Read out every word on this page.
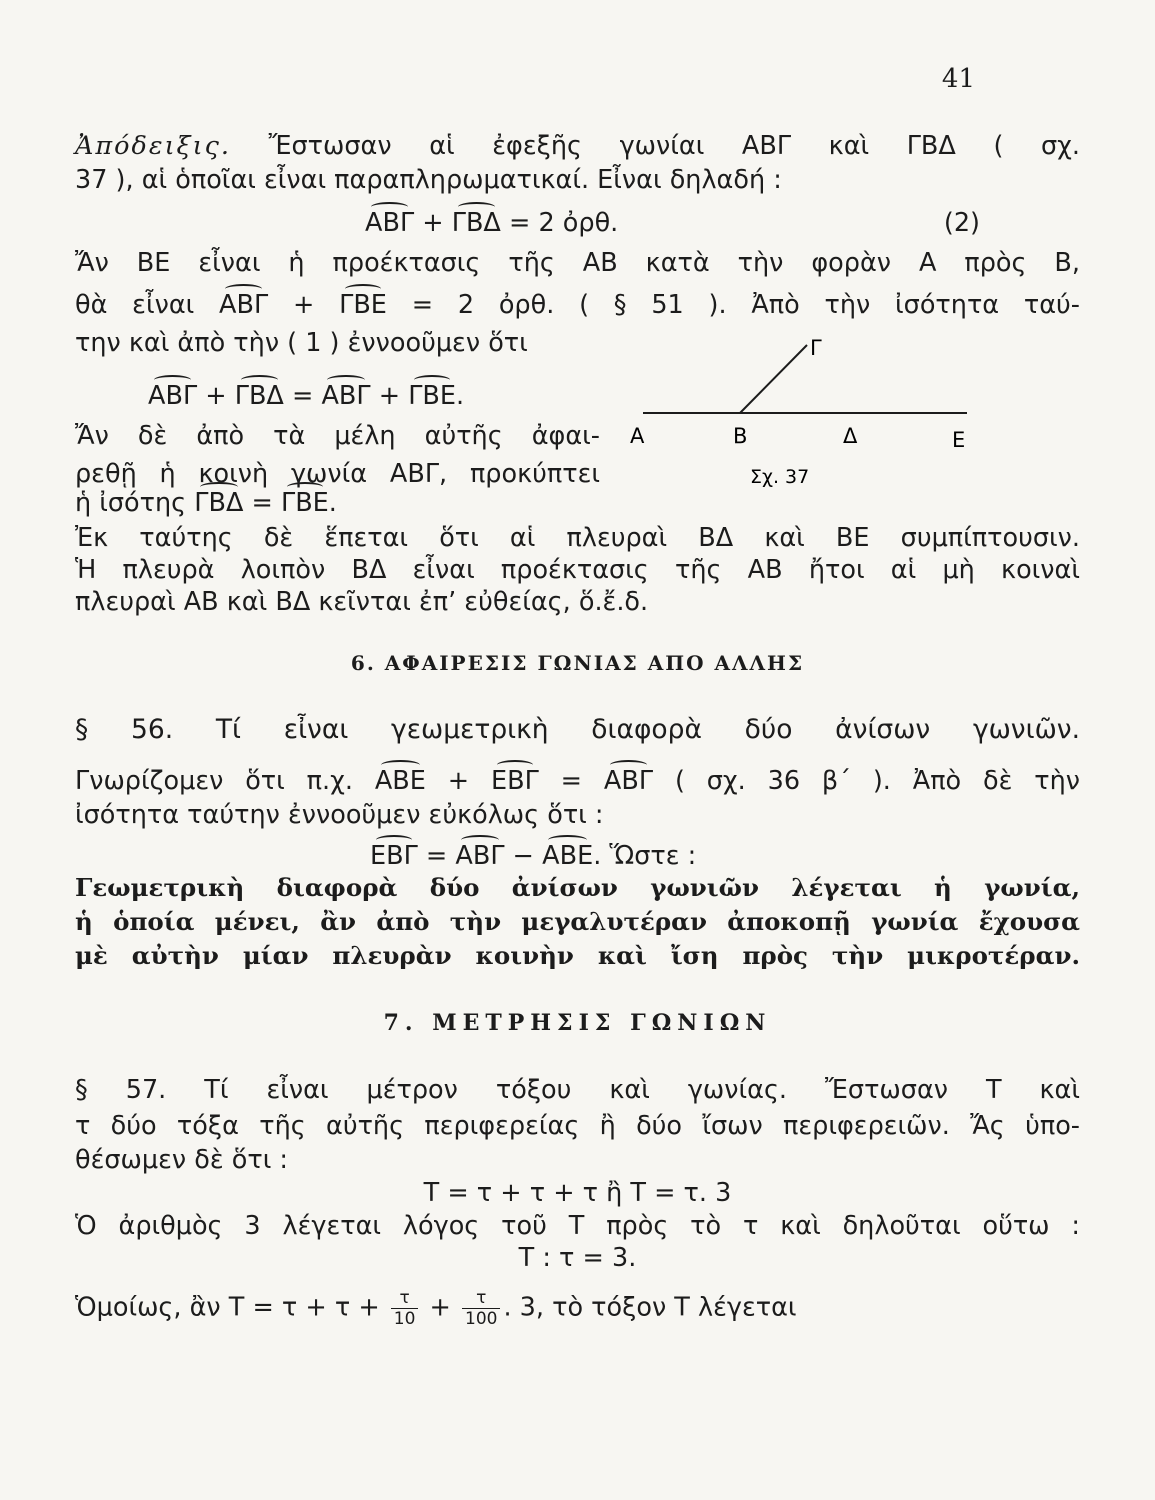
41
Ἀπόδειξις. Ἔστωσαν αἱ ἐφεξῆς γωνίαι ΑΒΓ καὶ ΓΒΔ ( σχ.
37 ), αἱ ὁποῖαι εἶναι παραπληρωματικαί. Εἶναι δηλαδή :
ΑΒΓ + ΓΒΔ = 2 ὀρθ.	(2)
Ἄν ΒΕ εἶναι ἡ προέκτασις τῆς ΑΒ κατὰ τὴν φορὰν Α πρὸς Β,
θὰ εἶναι ΑΒΓ + ΓΒΕ = 2 ὀρθ. ( § 51 ). Ἀπὸ τὴν ἰσότητα ταύ-
την καὶ ἀπὸ τὴν ( 1 ) ἐννοοῦμεν ὅτι
ΑΒΓ + ΓΒΔ = ΑΒΓ + ΓΒΕ.
Ἄν δὲ ἀπὸ τὰ μέλη αὐτῆς ἀφαι-
ρεθῇ ἡ κοινὴ γωνία ΑΒΓ, προκύπτει
ἡ ἰσότης ΓΒΔ = ΓΒΕ.
Α	Β
Γ
Δ	Ε
Σχ. 37
Ἐκ ταύτης δὲ ἕπεται ὅτι αἱ πλευραὶ ΒΔ καὶ ΒΕ συμπίπτουσιν.
Ἡ πλευρὰ λοιπὸν ΒΔ εἶναι προέκτασις τῆς ΑΒ ἤτοι αἱ μὴ κοιναὶ
πλευραὶ ΑΒ καὶ ΒΔ κεῖνται ἐπ’ εὐθείας, ὅ.ἔ.δ.
6. ΑΦΑΙΡΕΣΙΣ ΓΩΝΙΑΣ ΑΠΟ ΑΛΛΗΣ
§ 56. Τί εἶναι γεωμετρικὴ διαφορὰ δύο ἀνίσων γωνιῶν.
Γνωρίζομεν ὅτι π.χ. ΑΒΕ + ΕΒΓ = ΑΒΓ ( σχ. 36 β΄ ). Ἀπὸ δὲ τὴν
ἰσότητα ταύτην ἐννοοῦμεν εὐκόλως ὅτι :
ΕΒΓ = ΑΒΓ − ΑΒΕ. Ὥστε :
Γεωμετρικὴ διαφορὰ δύο ἀνίσων γωνιῶν λέγεται ἡ γωνία,
ἡ ὁποία μένει, ἂν ἀπὸ τὴν μεγαλυτέραν ἀποκοπῇ γωνία ἔχουσα
μὲ αὐτὴν μίαν πλευρὰν κοινὴν καὶ ἴση πρὸς τὴν μικροτέραν.
7. ΜΕΤΡΗΣΙΣ ΓΩΝΙΩΝ
§ 57. Τί εἶναι μέτρον τόξου καὶ γωνίας. Ἔστωσαν Τ καὶ
τ δύο τόξα τῆς αὐτῆς περιφερείας ἢ δύο ἴσων περιφερειῶν. Ἄς ὑπο-
θέσωμεν δὲ ὅτι :
Τ = τ + τ + τ ἢ Τ = τ. 3
Ὁ ἀριθμὸς 3 λέγεται λόγος τοῦ Τ πρὸς τὸ τ καὶ δηλοῦται οὕτω :
Τ : τ = 3.
Ὁμοίως, ἂν $T = \tau + \tau + \frac{\tau}{10} + \frac{\tau}{100}$ . 3, τὸ τόξον Τ λέγεται
